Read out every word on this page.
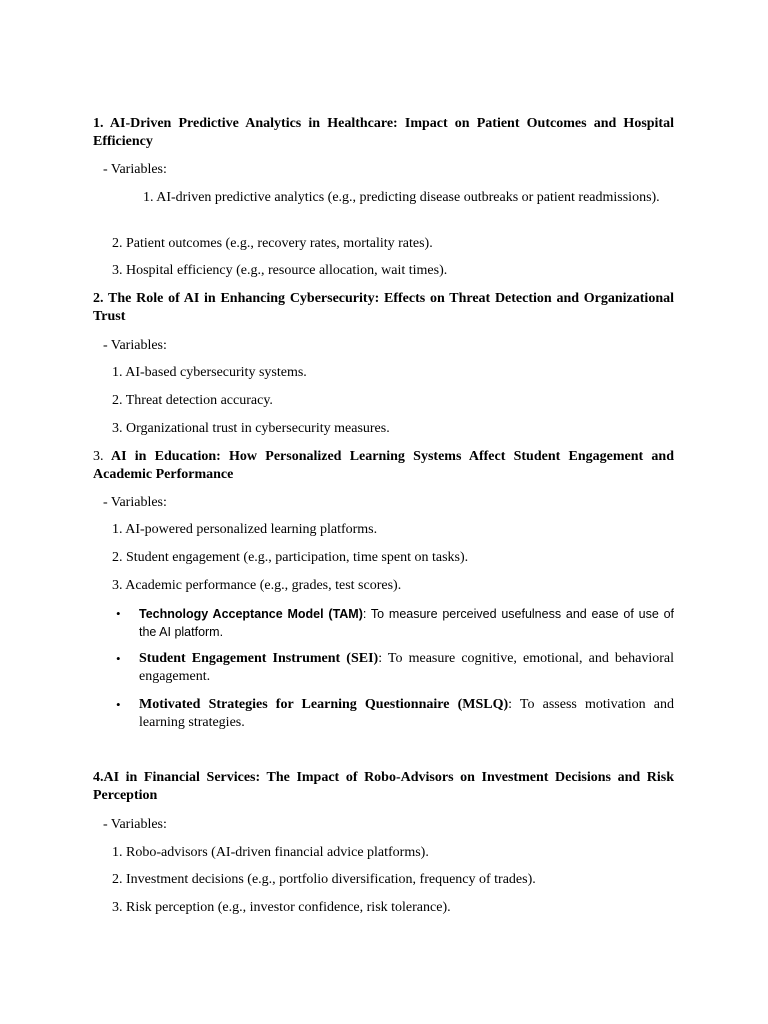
1. AI-Driven Predictive Analytics in Healthcare: Impact on Patient Outcomes and Hospital Efficiency
- Variables:
1. AI-driven predictive analytics (e.g., predicting disease outbreaks or patient readmissions).
2. Patient outcomes (e.g., recovery rates, mortality rates).
3. Hospital efficiency (e.g., resource allocation, wait times).
2. The Role of AI in Enhancing Cybersecurity: Effects on Threat Detection and Organizational Trust
- Variables:
1. AI-based cybersecurity systems.
2. Threat detection accuracy.
3. Organizational trust in cybersecurity measures.
3. AI in Education: How Personalized Learning Systems Affect Student Engagement and Academic Performance
- Variables:
1. AI-powered personalized learning platforms.
2. Student engagement (e.g., participation, time spent on tasks).
3. Academic performance (e.g., grades, test scores).
• Technology Acceptance Model (TAM): To measure perceived usefulness and ease of use of the AI platform.
• Student Engagement Instrument (SEI): To measure cognitive, emotional, and behavioral engagement.
• Motivated Strategies for Learning Questionnaire (MSLQ): To assess motivation and learning strategies.
4.AI in Financial Services: The Impact of Robo-Advisors on Investment Decisions and Risk Perception
- Variables:
1. Robo-advisors (AI-driven financial advice platforms).
2. Investment decisions (e.g., portfolio diversification, frequency of trades).
3. Risk perception (e.g., investor confidence, risk tolerance).
